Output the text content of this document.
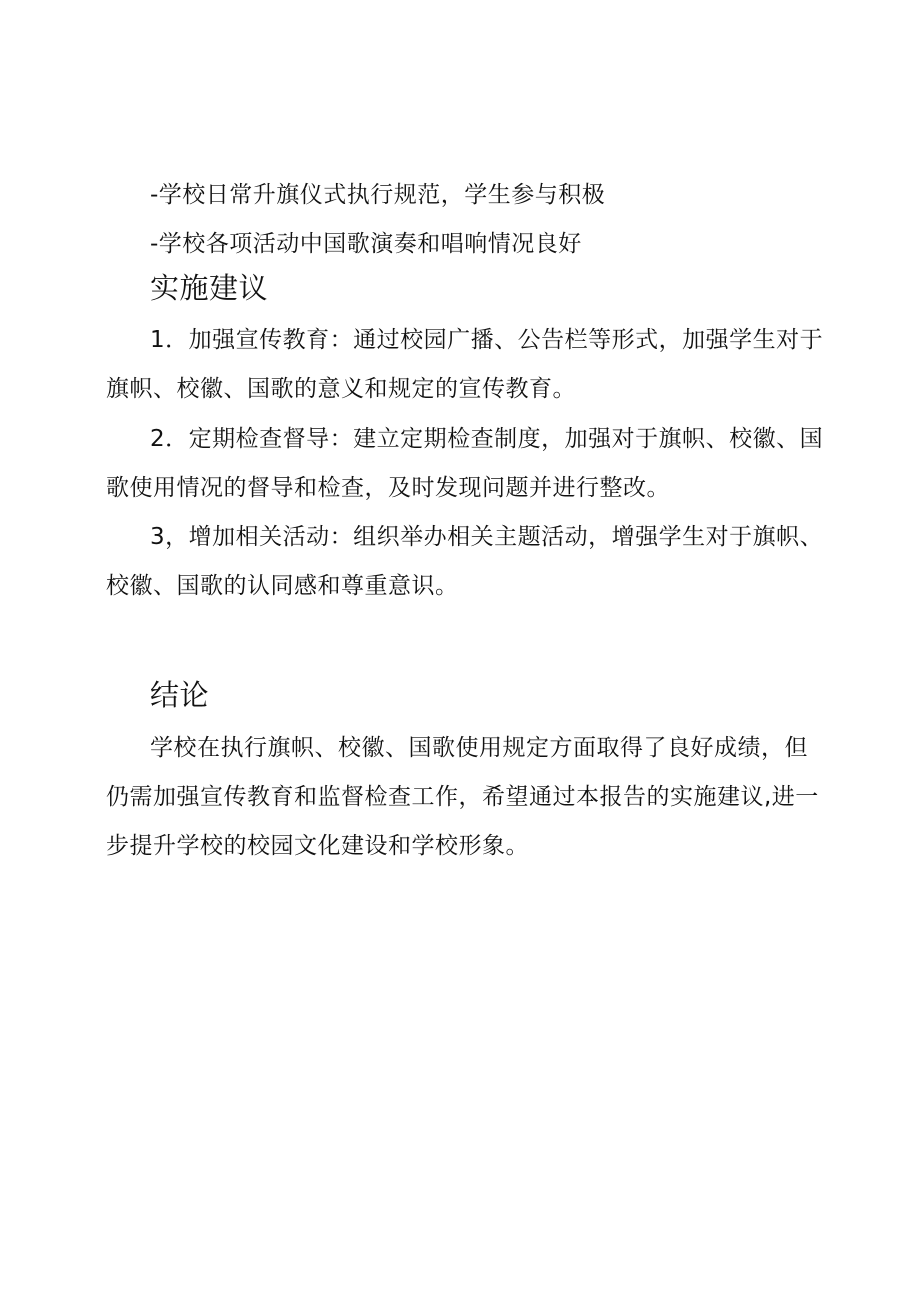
-学校日常升旗仪式执行规范，学生参与积极
-学校各项活动中国歌演奏和唱响情况良好
实施建议
1．加强宣传教育：通过校园广播、公告栏等形式，加强学生对于
旗帜、校徽、国歌的意义和规定的宣传教育。
2．定期检查督导：建立定期检查制度，加强对于旗帜、校徽、国
歌使用情况的督导和检查，及时发现问题并进行整改。
3，增加相关活动：组织举办相关主题活动，增强学生对于旗帜、
校徽、国歌的认同感和尊重意识。
结论
学校在执行旗帜、校徽、国歌使用规定方面取得了良好成绩，但
仍需加强宣传教育和监督检查工作，希望通过本报告的实施建议,进一
步提升学校的校园文化建设和学校形象。
